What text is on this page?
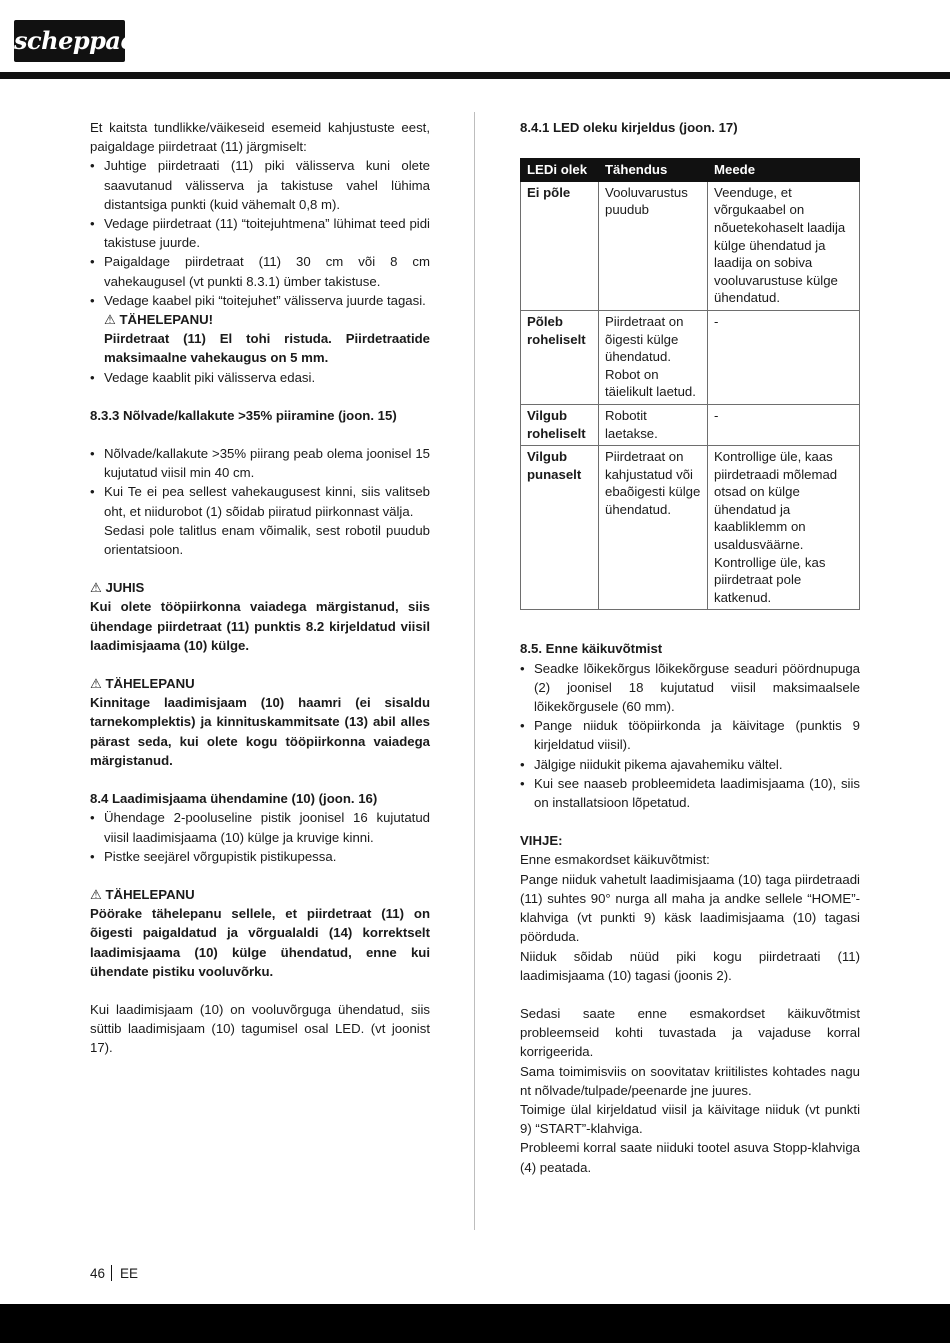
scheppach

Et kaitsta tundlikke/väikeseid esemeid kahjustuste eest, paigaldage piirdetraat (11) järgmiselt:

• Juhtige piirdetraati (11) piki välisserva kuni olete saavutanud välisserva ja takistuse vahel lühima distantsiga punkti (kuid vähemalt 0,8 m).
• Vedage piirdetraat (11) “toitejuhtmena” lühimat teed pidi takistuse juurde.
• Paigaldage piirdetraat (11) 30 cm või 8 cm vahekaugusel (vt punkti 8.3.1) ümber takistuse.
• Vedage kaabel piki “toitejuhet” välisserva juurde tagasi.

⚠ TÄHELEPANU!

Piirdetraat (11) El tohi ristuda. Piirdetraatide maksimaalne vahekaugus on 5 mm.

• Vedage kaablit piki välisserva edasi.

8.3.3 Nõlvade/kallakute >35% piiramine (joon. 15)

• Nõlvade/kallakute >35% piirang peab olema joonisel 15 kujutatud viisil min 40 cm.
• Kui Te ei pea sellest vahekaugusest kinni, siis valitseb oht, et niidurobot (1) sõidab piiratud piirkonnast välja.

Sedasi pole talitlus enam võimalik, sest robotil puudub orientatsioon.

⚠ JUHIS

Kui olete tööpiirkonna vaiadega märgistanud, siis ühendage piirdetraat (11) punktis 8.2 kirjeldatud viisil laadimisjaama (10) külge.

⚠ TÄHELEPANU

Kinnitage laadimisjaam (10) haamri (ei sisaldu tarnekomplektis) ja kinnituskammitsate (13) abil alles pärast seda, kui olete kogu tööpiirkonna vaiadega märgistanud.

8.4 Laadimisjaama ühendamine (10) (joon. 16)

• Ühendage 2-pooluseline pistik joonisel 16 kujutatud viisil laadimisjaama (10) külge ja kruvige kinni.
• Pistke seejärel võrgupistik pistikupessa.

⚠ TÄHELEPANU

Pöörake tähelepanu sellele, et piirdetraat (11) on õigesti paigaldatud ja võrgualaldi (14) korrektselt laadimisjaama (10) külge ühendatud, enne kui ühendate pistiku vooluvõrku.

Kui laadimisjaam (10) on vooluvõrguga ühendatud, siis süttib laadimisjaam (10) tagumisel osal LED. (vt joonist 17).

8.4.1 LED oleku kirjeldus (joon. 17)

LEDi olek	Tähendus	Meede
Ei põle	Vooluvarustus puudub	Veenduge, et võrgukaabel on nõuetekohaselt laadija külge ühendatud ja laadija on sobiva vooluvarustuse külge ühendatud.
Põleb roheliselt	Piirdetraat on õigesti külge ühendatud. Robot on täielikult laetud.	-
Vilgub roheliselt	Robotit laetakse.	-
Vilgub punaselt	Piirdetraat on kahjustatud või ebaõigesti külge ühendatud.	Kontrollige üle, kaas piirdetraadi mõlemad otsad on külge ühendatud ja kaabliklemm on usaldusväärne. Kontrollige üle, kas piirdetraat pole katkenud.

8.5. Enne käikuvõtmist

• Seadke lõikekõrgus lõikekõrguse seaduri pöördnupuga (2) joonisel 18 kujutatud viisil maksimaalsele lõikekõrgusele (60 mm).
• Pange niiduk tööpiirkonda ja käivitage (punktis 9 kirjeldatud viisil).
• Jälgige niidukit pikema ajavahemiku vältel.
• Kui see naaseb probleemideta laadimisjaama (10), siis on installatsioon lõpetatud.

VIHJE:

Enne esmakordset käikuvõtmist:

Pange niiduk vahetult laadimisjaama (10) taga piirdetraadi (11) suhtes 90° nurga all maha ja andke sellele “HOME”-klahviga (vt punkti 9) käsk laadimisjaama (10) tagasi pöörduda.

Niiduk sõidab nüüd piki kogu piirdetraati (11) laadimisjaama (10) tagasi (joonis 2).

Sedasi saate enne esmakordset käikuvõtmist probleemseid kohti tuvastada ja vajaduse korral korrigeerida.

Sama toimimisviis on soovitatav kriitilistes kohtades nagu nt nõlvade/tulpade/peenarde jne juures.

Toimige ülal kirjeldatud viisil ja käivitage niiduk (vt punkti 9) “START”-klahviga.

Probleemi korral saate niiduki tootel asuva Stopp-klahviga (4) peatada.

46 EE
